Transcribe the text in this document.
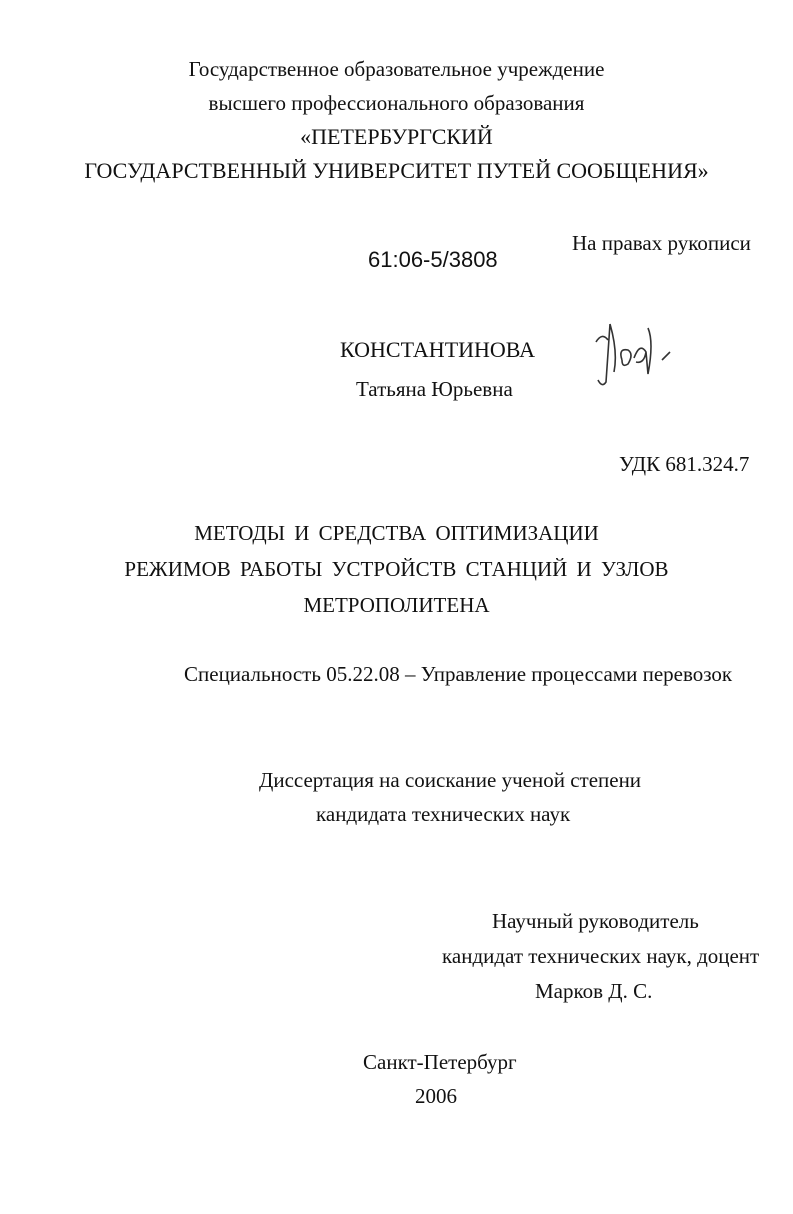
Государственное образовательное учреждение
высшего профессионального образования
«ПЕТЕРБУРГСКИЙ
ГОСУДАРСТВЕННЫЙ УНИВЕРСИТЕТ ПУТЕЙ СООБЩЕНИЯ»
61:06-5/3808
На правах рукописи
КОНСТАНТИНОВА
Татьяна Юрьевна
УДК 681.324.7
МЕТОДЫ И СРЕДСТВА ОПТИМИЗАЦИИ
РЕЖИМОВ РАБОТЫ УСТРОЙСТВ СТАНЦИЙ И УЗЛОВ
МЕТРОПОЛИТЕНА
Специальность 05.22.08 – Управление процессами перевозок
Диссертация на соискание ученой степени
кандидата технических наук
Научный руководитель
кандидат технических наук, доцент
Марков Д. С.
Санкт-Петербург
2006
